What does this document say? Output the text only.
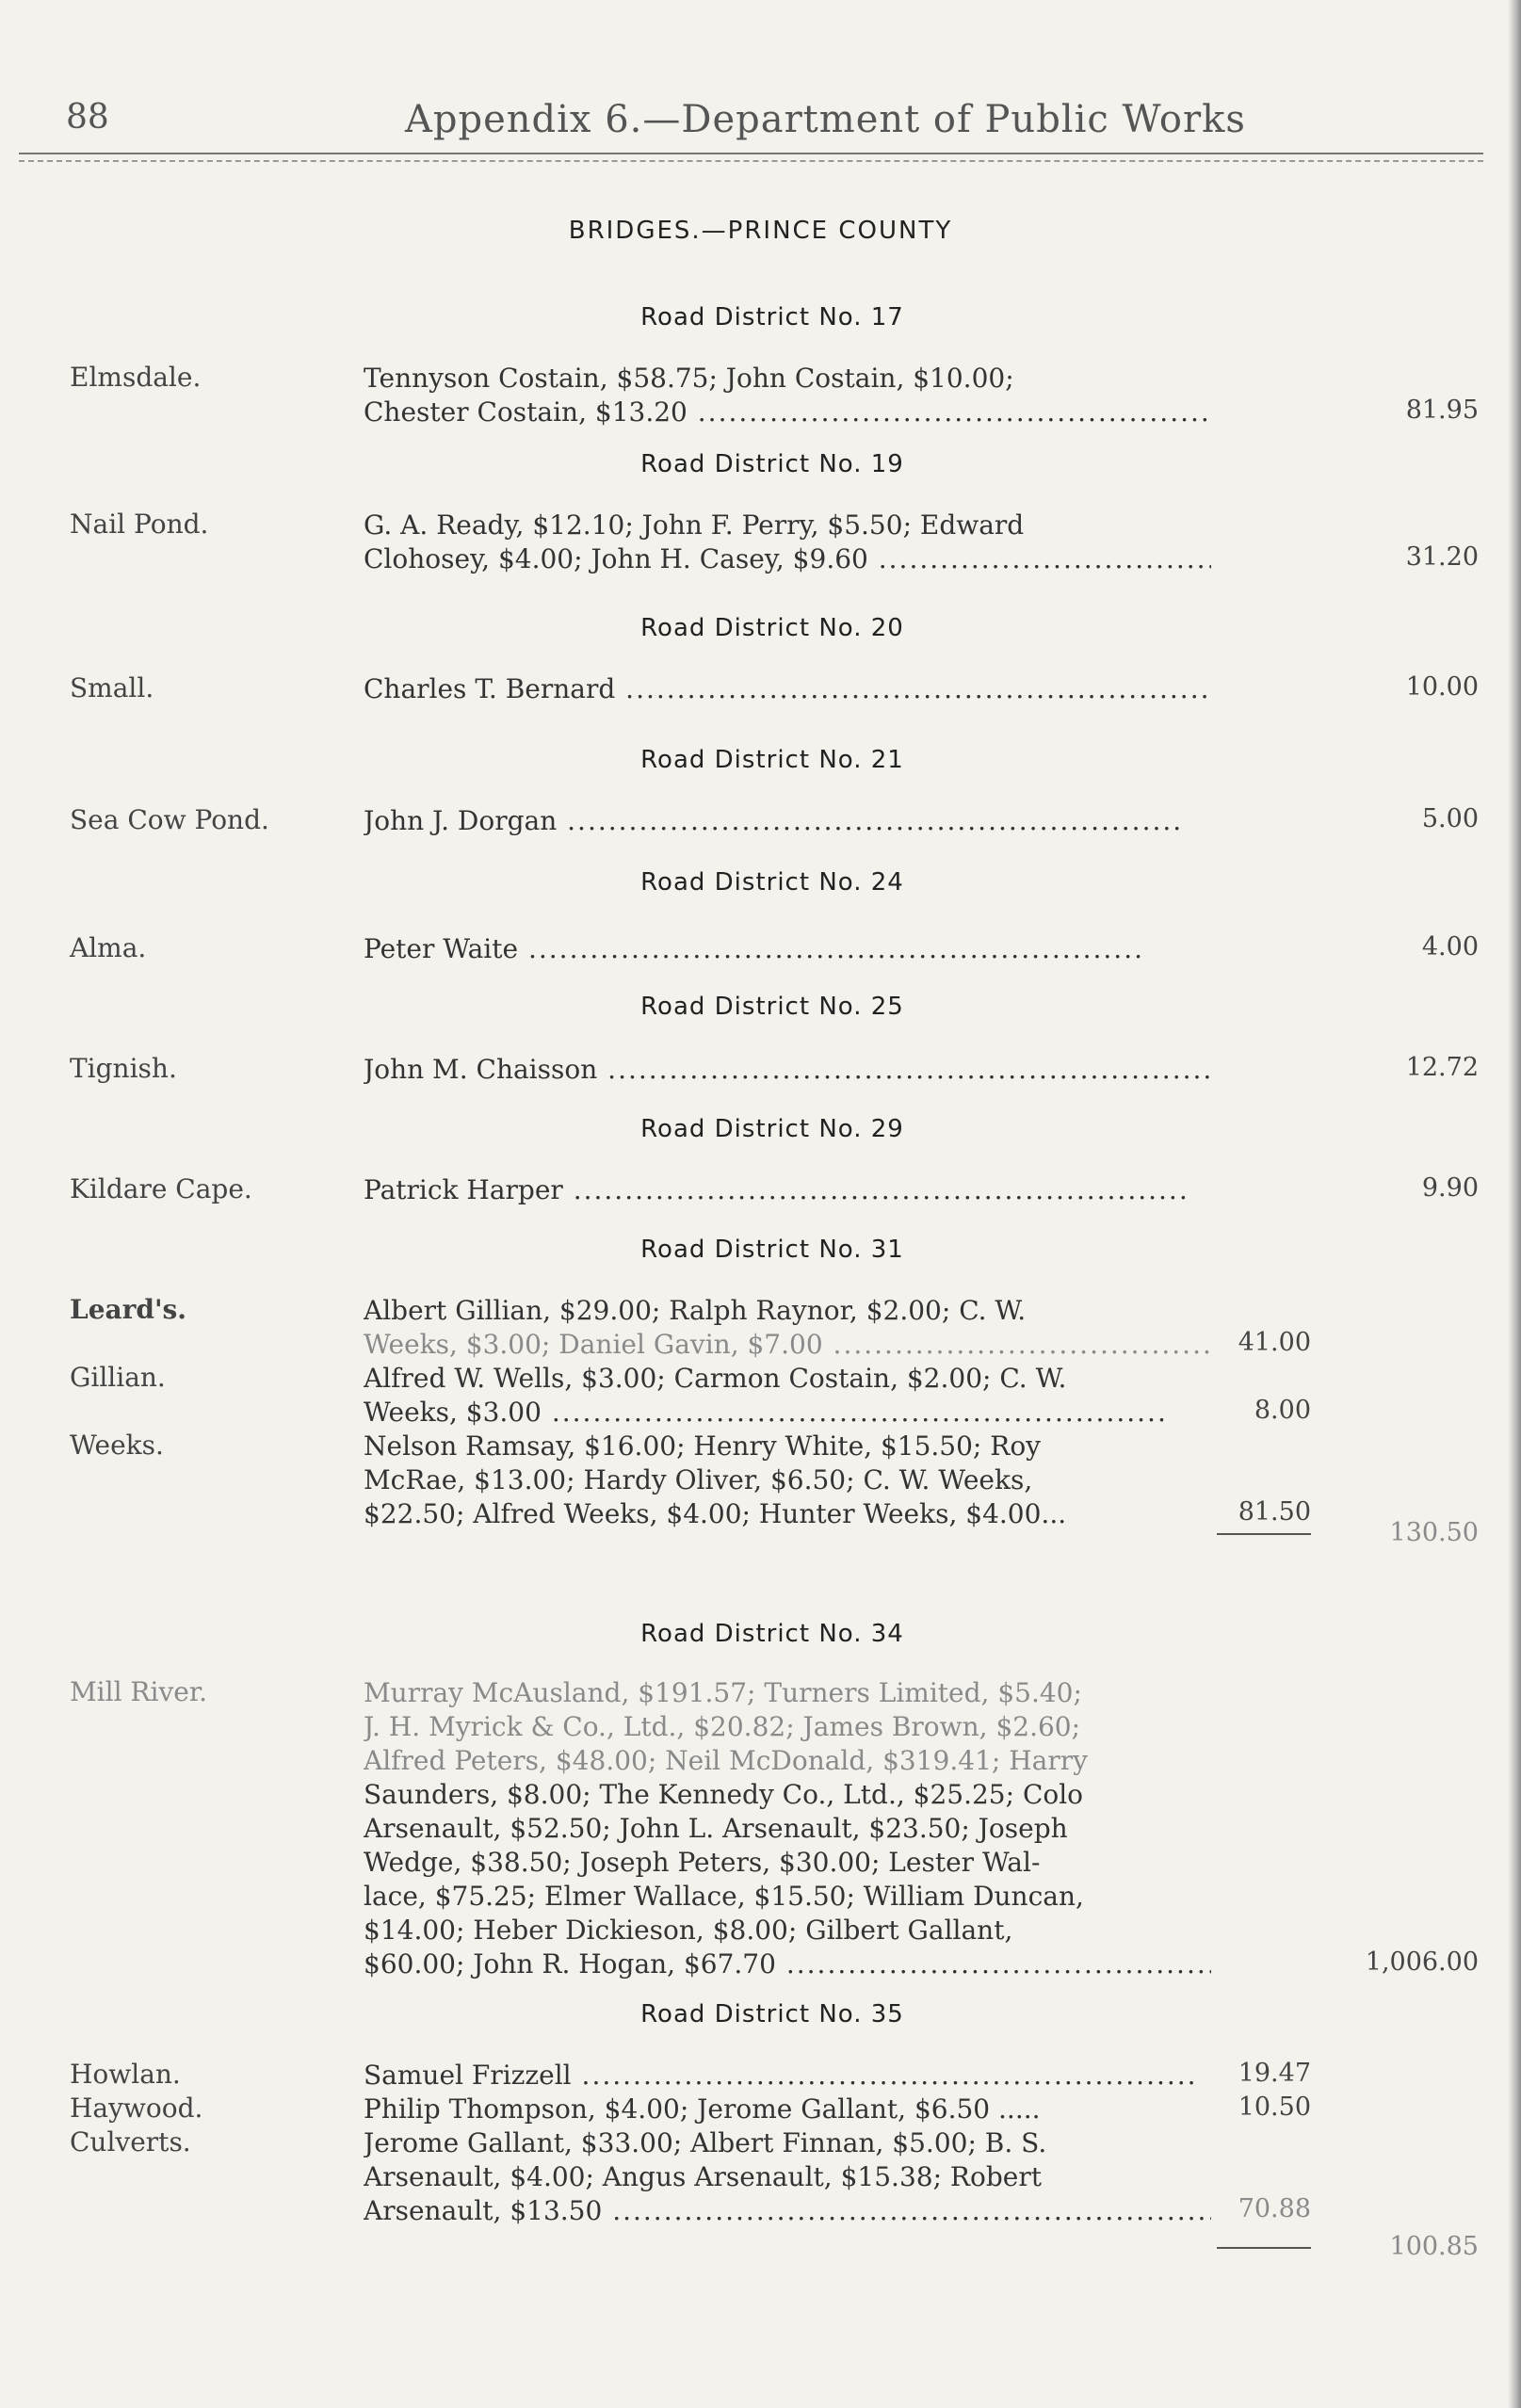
88	Appendix 6.—Department of Public Works
BRIDGES.—PRINCE COUNTY
Road District No. 17
Elmsdale.	Tennyson Costain, $58.75; John Costain, $10.00;
Chester Costain, $13.20 .....	81.95
Road District No. 19
Nail Pond.	G. A. Ready, $12.10; John F. Perry, $5.50; Edward
Clohosey, $4.00; John H. Casey, $9.60 .....	31.20
Road District No. 20
Small.	Charles T. Bernard .....	10.00
Road District No. 21
Sea Cow Pond.	John J. Dorgan .....	5.00
Road District No. 24
Alma.	Peter Waite .....	4.00
Road District No. 25
Tignish.	John M. Chaisson .....	12.72
Road District No. 29
Kildare Cape.	Patrick Harper .....	9.90
Road District No. 31
Leard's.	Albert Gillian, $29.00; Ralph Raynor, $2.00; C. W.
Weeks, $3.00; Daniel Gavin, $7.00 .....	41.00
Gillian.	Alfred W. Wells, $3.00; Carmon Costain, $2.00; C. W.
Weeks, $3.00 .....	8.00
Weeks.	Nelson Ramsay, $16.00; Henry White, $15.50; Roy
McRae, $13.00; Hardy Oliver, $6.50; C. W. Weeks,
$22.50; Alfred Weeks, $4.00; Hunter Weeks, $4.00...	81.50
130.50
Road District No. 34
Mill River.	Murray McAusland, $191.57; Turners Limited, $5.40;
J. H. Myrick & Co., Ltd., $20.82; James Brown, $2.60;
Alfred Peters, $48.00; Neil McDonald, $319.41; Harry
Saunders, $8.00; The Kennedy Co., Ltd., $25.25; Colo
Arsenault, $52.50; John L. Arsenault, $23.50; Joseph
Wedge, $38.50; Joseph Peters, $30.00; Lester Wal-
lace, $75.25; Elmer Wallace, $15.50; William Duncan,
$14.00; Heber Dickieson, $8.00; Gilbert Gallant,
$60.00; John R. Hogan, $67.70 .....	1,006.00
Road District No. 35
Howlan.	Samuel Frizzell .....	19.47
Haywood.	Philip Thompson, $4.00; Jerome Gallant, $6.50 .....	10.50
Culverts.	Jerome Gallant, $33.00; Albert Finnan, $5.00; B. S.
Arsenault, $4.00; Angus Arsenault, $15.38; Robert
Arsenault, $13.50 .....	70.88
100.85
